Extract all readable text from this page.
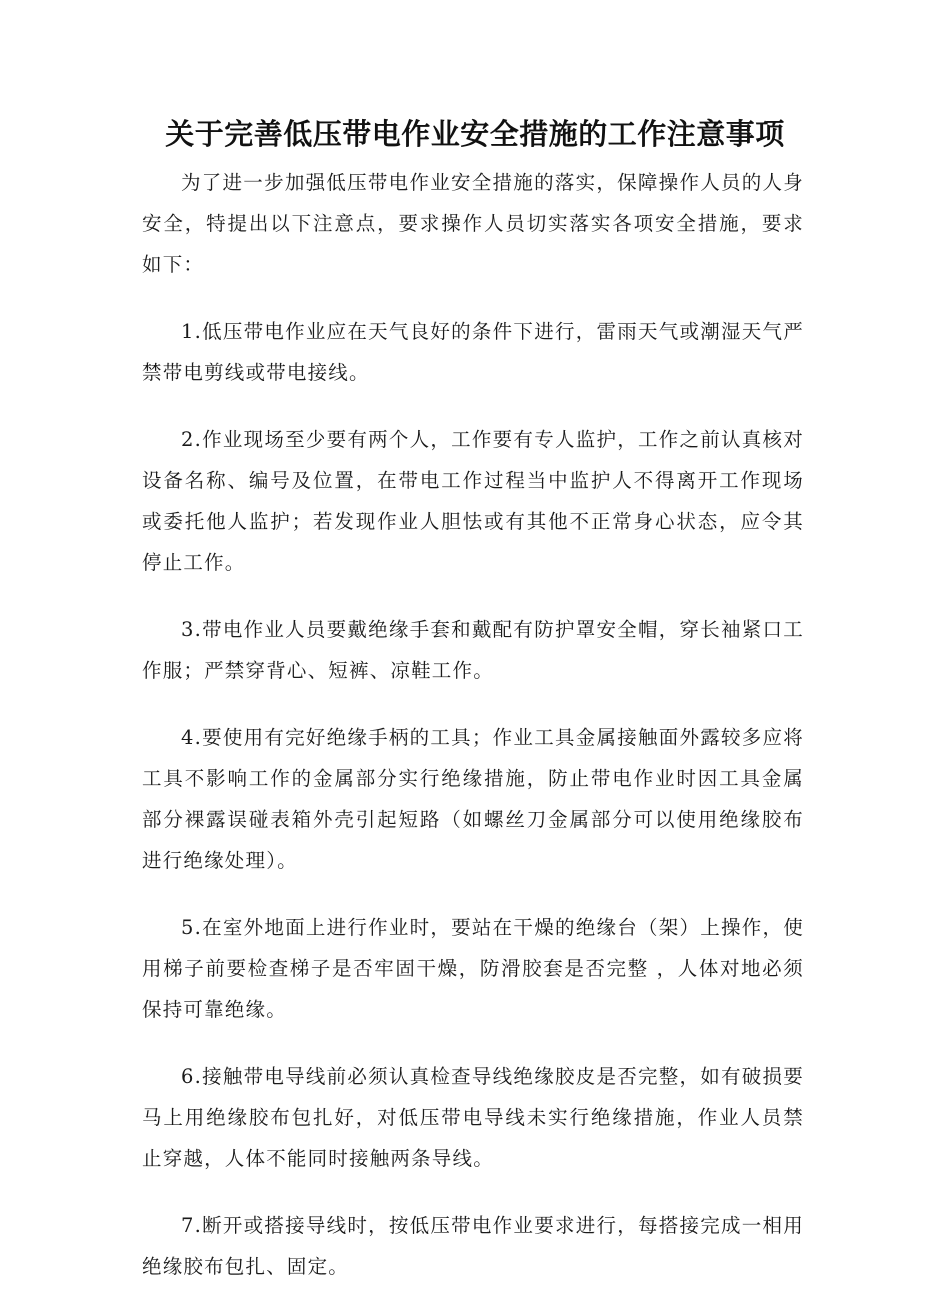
关于完善低压带电作业安全措施的工作注意事项

为了进一步加强低压带电作业安全措施的落实，保障操作人员的人身安全，特提出以下注意点，要求操作人员切实落实各项安全措施，要求如下：

1.低压带电作业应在天气良好的条件下进行，雷雨天气或潮湿天气严禁带电剪线或带电接线。

2.作业现场至少要有两个人，工作要有专人监护，工作之前认真核对设备名称、编号及位置，在带电工作过程当中监护人不得离开工作现场或委托他人监护；若发现作业人胆怯或有其他不正常身心状态，应令其停止工作。

3.带电作业人员要戴绝缘手套和戴配有防护罩安全帽，穿长袖紧口工作服；严禁穿背心、短裤、凉鞋工作。

4.要使用有完好绝缘手柄的工具；作业工具金属接触面外露较多应将工具不影响工作的金属部分实行绝缘措施，防止带电作业时因工具金属部分裸露误碰表箱外壳引起短路（如螺丝刀金属部分可以使用绝缘胶布进行绝缘处理）。

5.在室外地面上进行作业时，要站在干燥的绝缘台（架）上操作，使用梯子前要检查梯子是否牢固干燥，防滑胶套是否完整 ，人体对地必须保持可靠绝缘。

6.接触带电导线前必须认真检查导线绝缘胶皮是否完整，如有破损要马上用绝缘胶布包扎好，对低压带电导线未实行绝缘措施，作业人员禁止穿越，人体不能同时接触两条导线。

7.断开或搭接导线时，按低压带电作业要求进行，每搭接完成一相用绝缘胶布包扎、固定。
